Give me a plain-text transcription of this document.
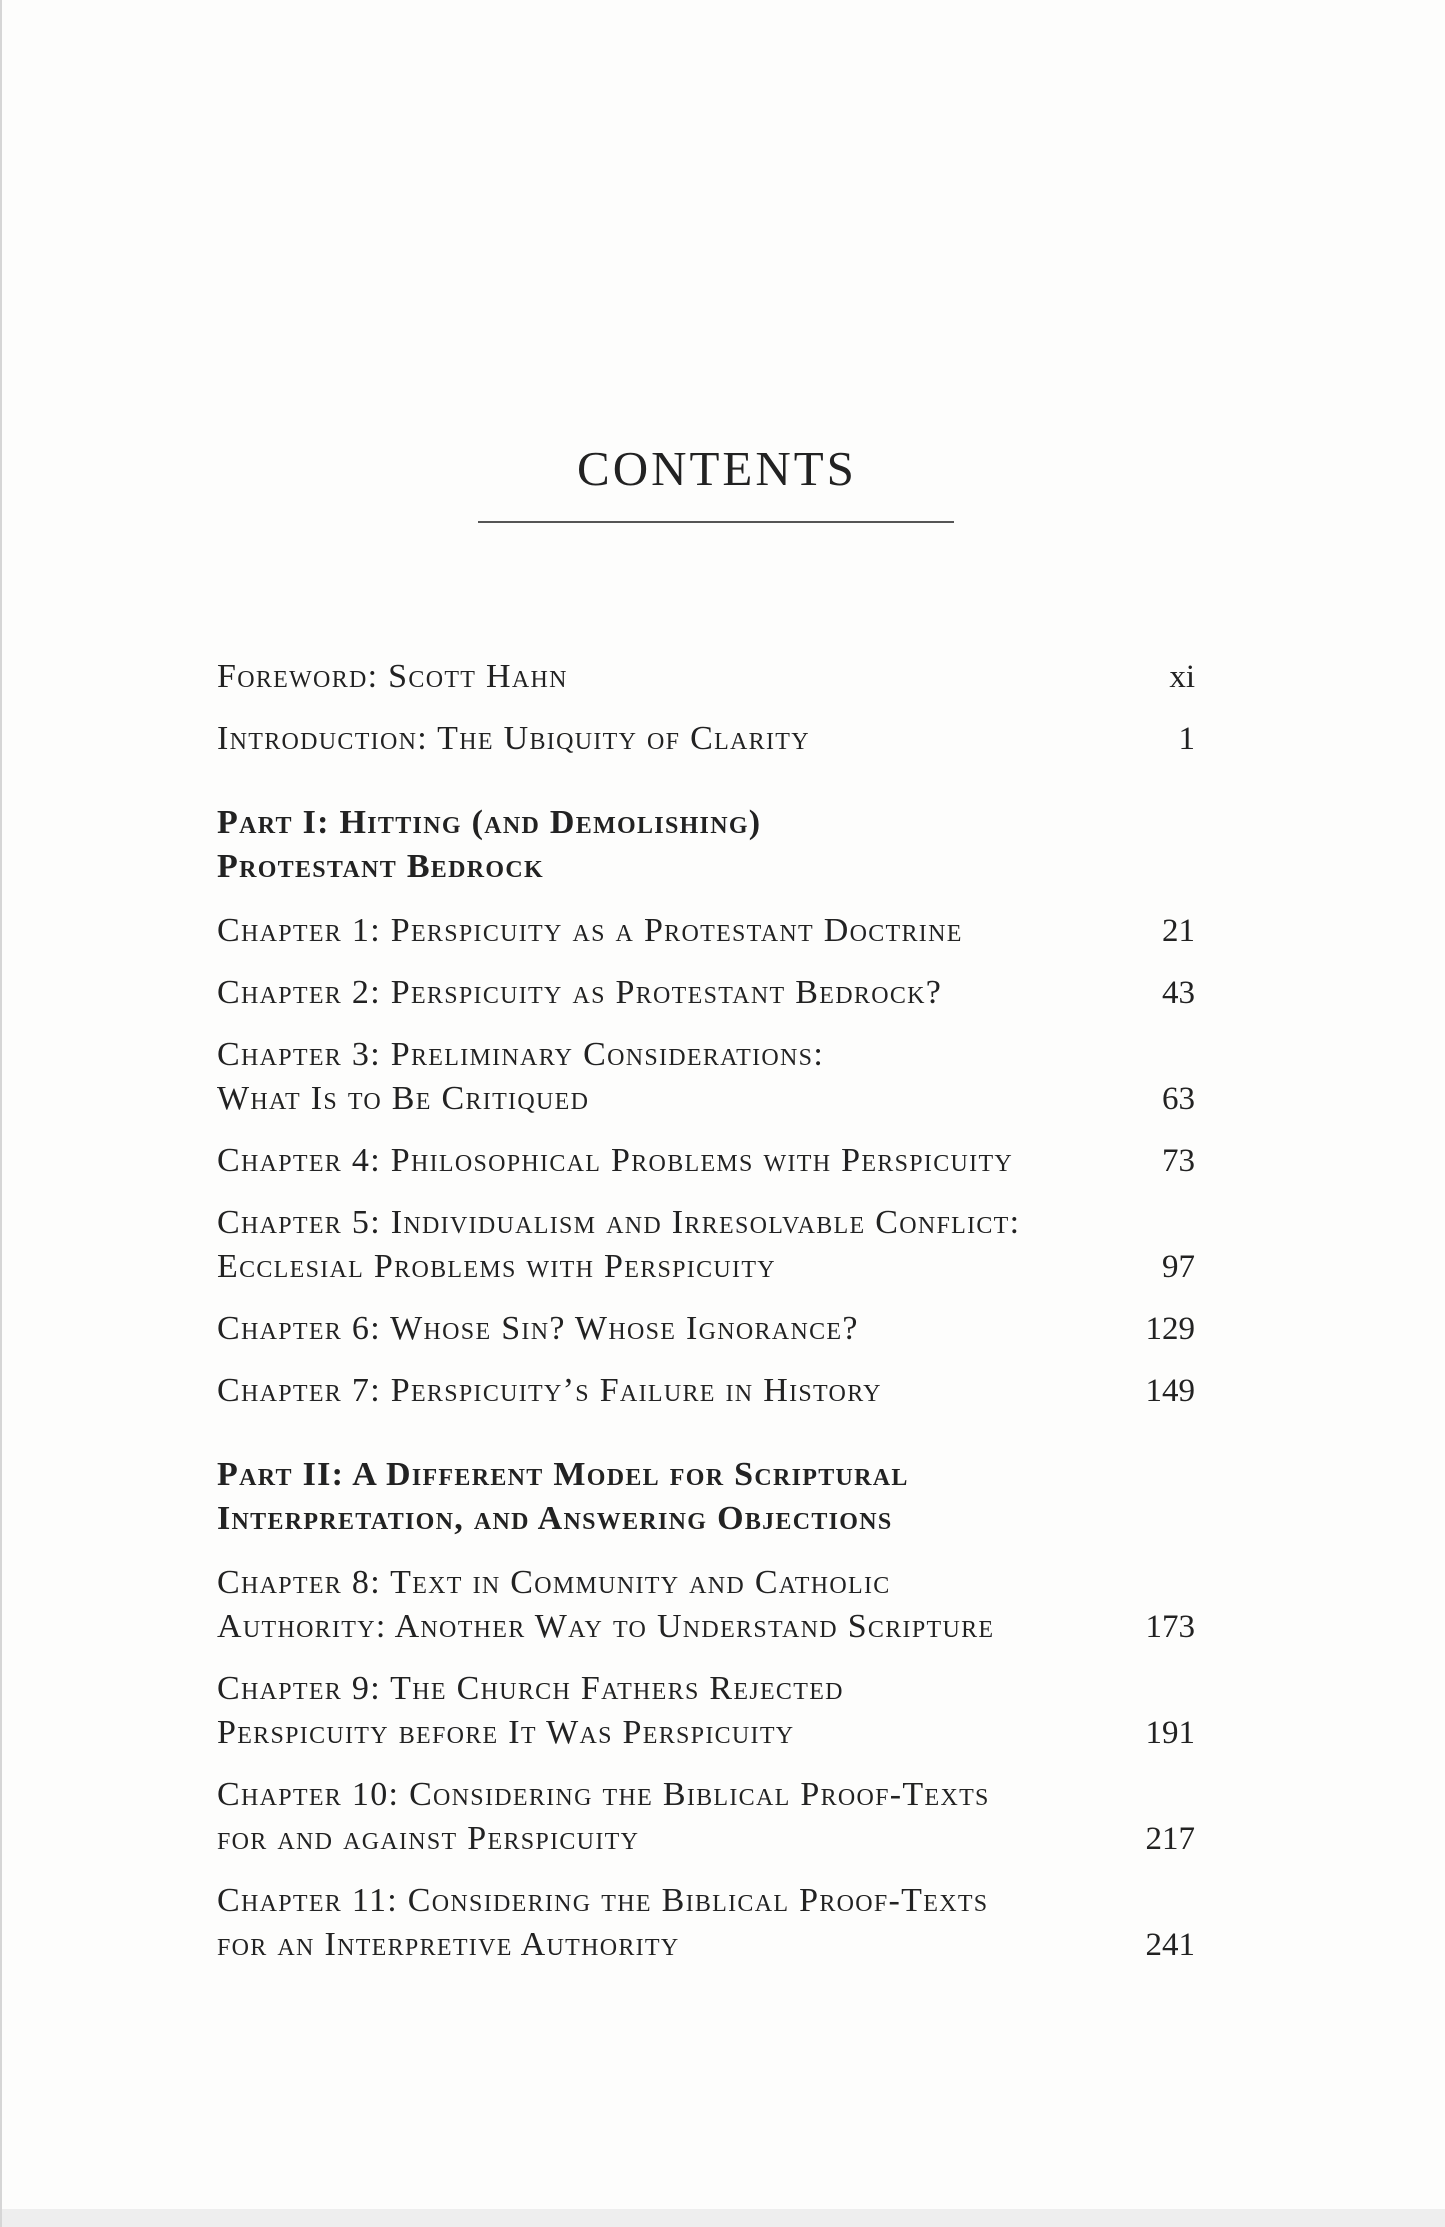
CONTENTS
Foreword: Scott Hahn	xi
Introduction: The Ubiquity of Clarity	1
Part I: Hitting (and Demolishing)
Protestant Bedrock
Chapter 1: Perspicuity as a Protestant Doctrine	21
Chapter 2: Perspicuity as Protestant Bedrock?	43
Chapter 3: Preliminary Considerations:
What Is to Be Critiqued	63
Chapter 4: Philosophical Problems with Perspicuity	73
Chapter 5: Individualism and Irresolvable Conflict:
Ecclesial Problems with Perspicuity	97
Chapter 6: Whose Sin? Whose Ignorance?	129
Chapter 7: Perspicuity’s Failure in History	149
Part II: A Different Model for Scriptural
Interpretation, and Answering Objections
Chapter 8: Text in Community and Catholic
Authority: Another Way to Understand Scripture	173
Chapter 9: The Church Fathers Rejected
Perspicuity before It Was Perspicuity	191
Chapter 10: Considering the Biblical Proof-Texts
for and against Perspicuity	217
Chapter 11: Considering the Biblical Proof-Texts
for an Interpretive Authority	241
